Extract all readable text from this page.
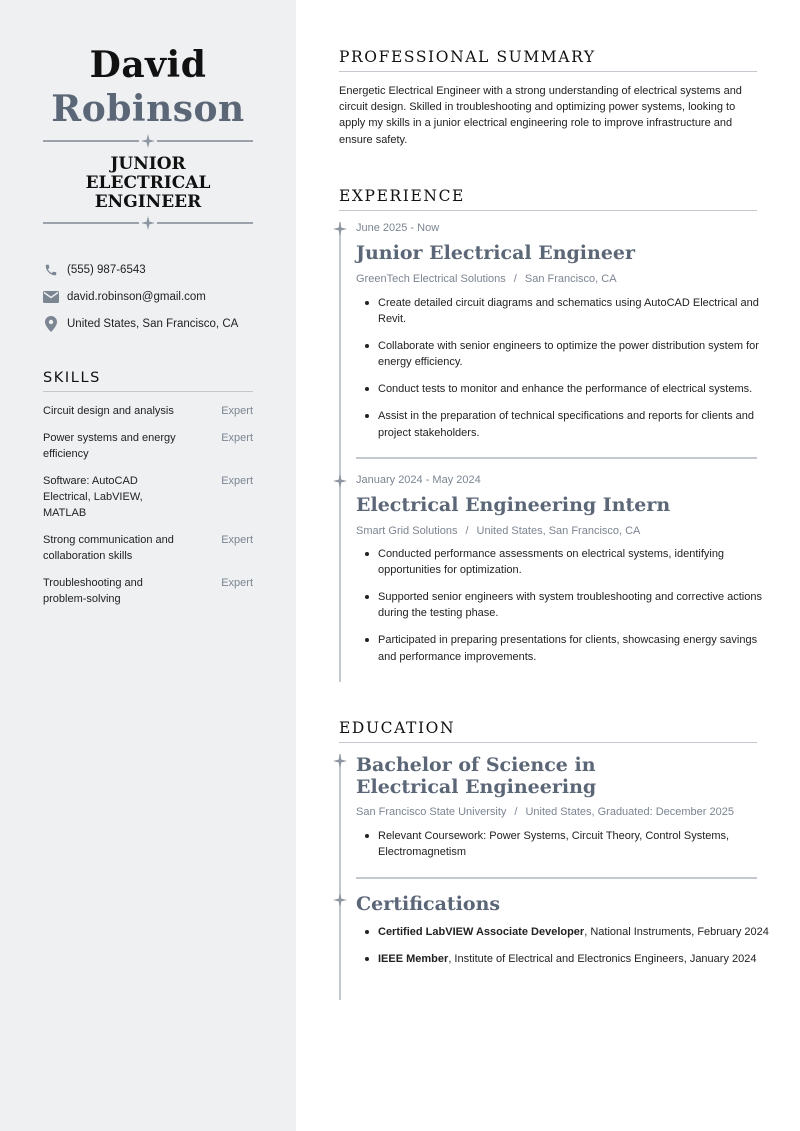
David
Robinson
JUNIOR
ELECTRICAL
ENGINEER
(555) 987-6543
david.robinson@gmail.com
United States, San Francisco, CA
SKILLS
Circuit design and analysis	Expert
Power systems and energy efficiency
Expert
Software: AutoCAD Electrical, LabVIEW, MATLAB
Expert
Strong communication and collaboration skills
Expert
Troubleshooting and problem-solving
Expert
PROFESSIONAL SUMMARY

Energetic Electrical Engineer with a strong understanding of electrical systems and circuit design. Skilled in troubleshooting and optimizing power systems, looking to apply my skills in a junior electrical engineering role to improve infrastructure and ensure safety.

EXPERIENCE
June 2025 - Now
Junior Electrical Engineer
GreenTech Electrical Solutions / San Francisco, CA
Create detailed circuit diagrams and schematics using AutoCAD Electrical and Revit.
Collaborate with senior engineers to optimize the power distribution system for energy efficiency.
Conduct tests to monitor and enhance the performance of electrical systems.
Assist in the preparation of technical specifications and reports for clients and project stakeholders.
January 2024 - May 2024
Electrical Engineering Intern
Smart Grid Solutions / United States, San Francisco, CA
Conducted performance assessments on electrical systems, identifying opportunities for optimization.
Supported senior engineers with system troubleshooting and corrective actions during the testing phase.
Participated in preparing presentations for clients, showcasing energy savings and performance improvements.
EDUCATION
Bachelor of Science in Electrical Engineering
San Francisco State University / United States, Graduated: December 2025
Relevant Coursework: Power Systems, Circuit Theory, Control Systems, Electromagnetism
Certifications
Certified LabVIEW Associate Developer, National Instruments, February 2024
IEEE Member, Institute of Electrical and Electronics Engineers, January 2024
